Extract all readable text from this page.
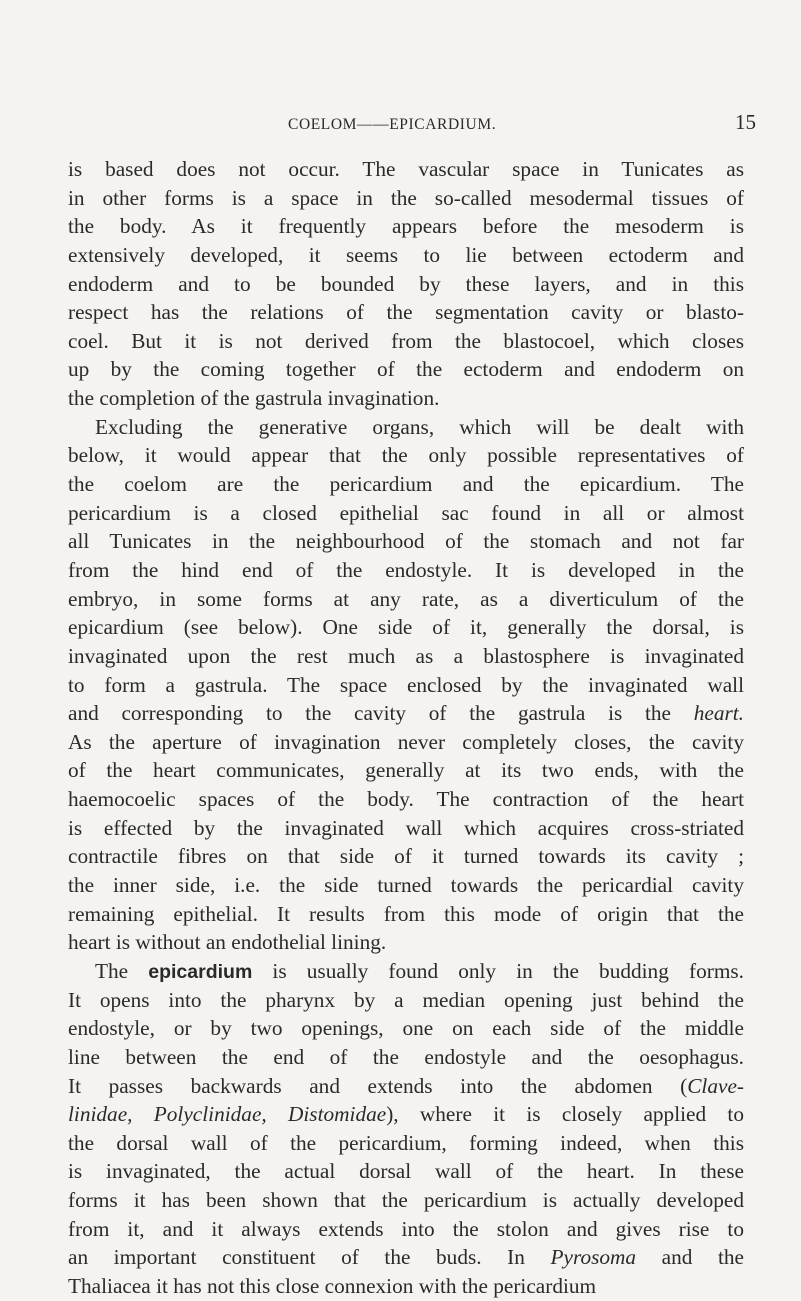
COELOM——EPICARDIUM.	15
is based does not occur. The vascular space in Tunicates as
in other forms is a space in the so-called mesodermal tissues of
the body. As it frequently appears before the mesoderm is
extensively developed, it seems to lie between ectoderm and
endoderm and to be bounded by these layers, and in this
respect has the relations of the segmentation cavity or blasto-
coel. But it is not derived from the blastocoel, which closes
up by the coming together of the ectoderm and endoderm on
the completion of the gastrula invagination.
Excluding the generative organs, which will be dealt with
below, it would appear that the only possible representatives of
the coelom are the pericardium and the epicardium. The
pericardium is a closed epithelial sac found in all or almost
all Tunicates in the neighbourhood of the stomach and not far
from the hind end of the endostyle. It is developed in the
embryo, in some forms at any rate, as a diverticulum of the
epicardium (see below). One side of it, generally the dorsal, is
invaginated upon the rest much as a blastosphere is invaginated
to form a gastrula. The space enclosed by the invaginated wall
and corresponding to the cavity of the gastrula is the heart.
As the aperture of invagination never completely closes, the cavity
of the heart communicates, generally at its two ends, with the
haemocoelic spaces of the body. The contraction of the heart
is effected by the invaginated wall which acquires cross-striated
contractile fibres on that side of it turned towards its cavity ;
the inner side, i.e. the side turned towards the pericardial cavity
remaining epithelial. It results from this mode of origin that the
heart is without an endothelial lining.
The epicardium is usually found only in the budding forms.
It opens into the pharynx by a median opening just behind the
endostyle, or by two openings, one on each side of the middle
line between the end of the endostyle and the oesophagus.
It passes backwards and extends into the abdomen (Clave-
linidae, Polyclinidae, Distomidae), where it is closely applied to
the dorsal wall of the pericardium, forming indeed, when this
is invaginated, the actual dorsal wall of the heart. In these
forms it has been shown that the pericardium is actually developed
from it, and it always extends into the stolon and gives rise to
an important constituent of the buds. In Pyrosoma and the
Thaliacea it has not this close connexion with the pericardium
